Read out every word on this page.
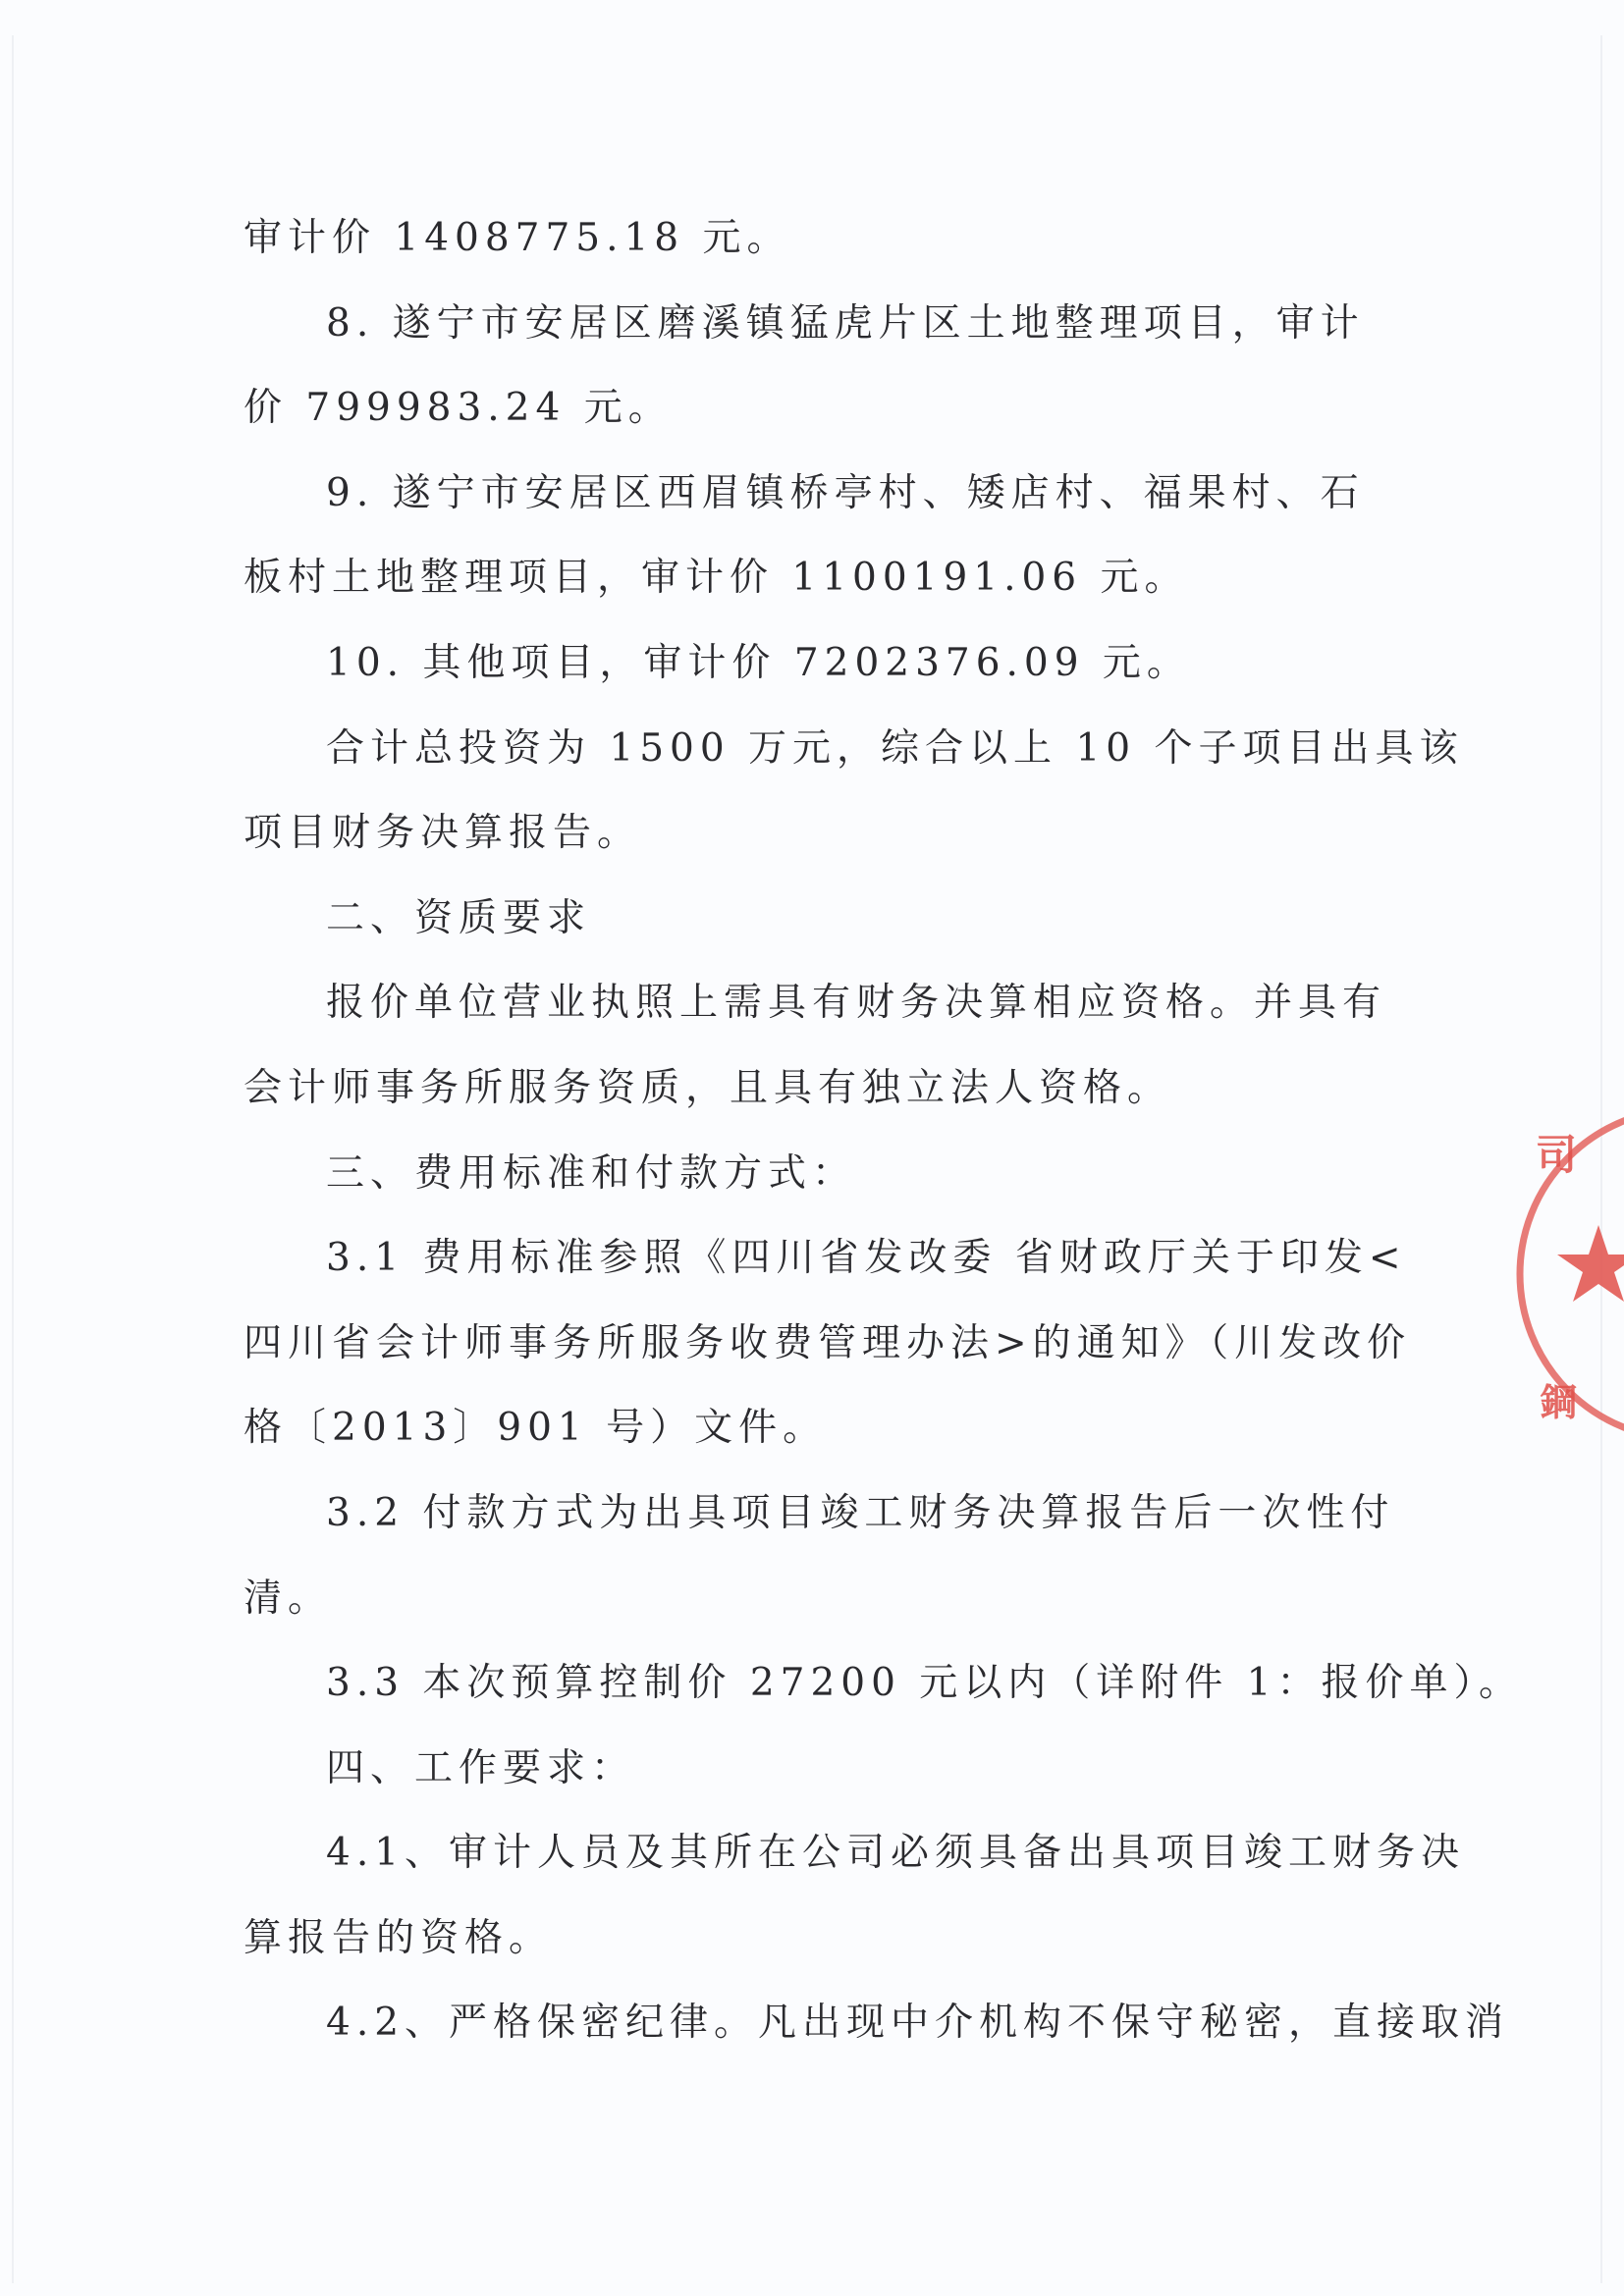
审计价 1408775.18 元。
8. 遂宁市安居区磨溪镇猛虎片区土地整理项目，审计
价 799983.24 元。
9. 遂宁市安居区西眉镇桥亭村、矮店村、福果村、石
板村土地整理项目，审计价 1100191.06 元。
10. 其他项目，审计价 7202376.09 元。
合计总投资为 1500 万元，综合以上 10 个子项目出具该
项目财务决算报告。
二、资质要求
报价单位营业执照上需具有财务决算相应资格。并具有
会计师事务所服务资质，且具有独立法人资格。
三、费用标准和付款方式：
3.1 费用标准参照《四川省发改委 省财政厅关于印发<
四川省会计师事务所服务收费管理办法>的通知》（川发改价
格〔2013〕901 号）文件。
3.2 付款方式为出具项目竣工财务决算报告后一次性付
清。
3.3 本次预算控制价 27200 元以内（详附件 1：报价单）。
四、工作要求：
4.1、审计人员及其所在公司必须具备出具项目竣工财务决
算报告的资格。
4.2、严格保密纪律。凡出现中介机构不保守秘密，直接取消
司
鋼
